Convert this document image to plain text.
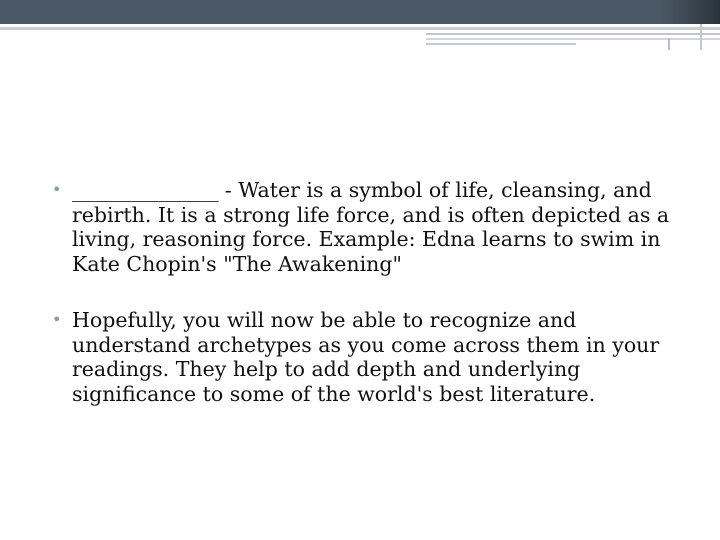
• _______________ - Water is a symbol of life, cleansing, and rebirth. It is a strong life force, and is often depicted as a living, reasoning force. Example: Edna learns to swim in Kate Chopin's "The Awakening"
• Hopefully, you will now be able to recognize and understand archetypes as you come across them in your readings. They help to add depth and underlying significance to some of the world's best literature.
